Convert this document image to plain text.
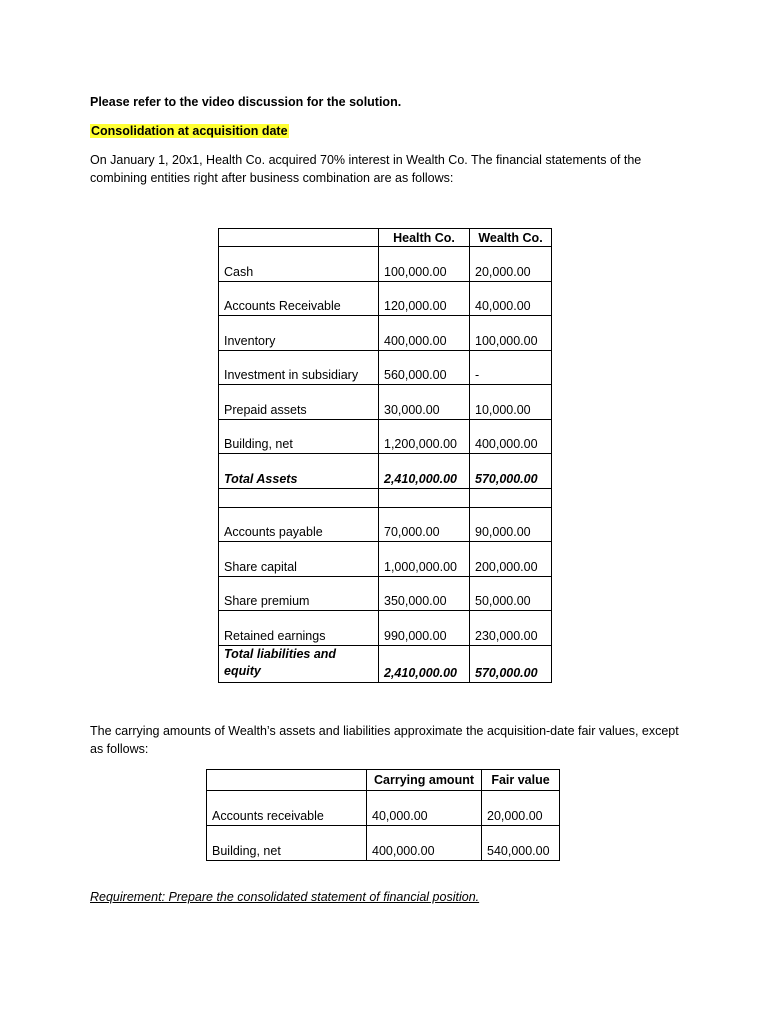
Please refer to the video discussion for the solution.
Consolidation at acquisition date
On January 1, 20x1, Health Co. acquired 70% interest in Wealth Co. The financial statements of the combining entities right after business combination are as follows:
	Health Co.	Wealth Co.
Cash	100,000.00	20,000.00
Accounts Receivable	120,000.00	40,000.00
Inventory	400,000.00	100,000.00
Investment in subsidiary	560,000.00	-
Prepaid assets	30,000.00	10,000.00
Building, net	1,200,000.00	400,000.00
Total Assets	2,410,000.00	570,000.00

Accounts payable	70,000.00	90,000.00
Share capital	1,000,000.00	200,000.00
Share premium	350,000.00	50,000.00
Retained earnings	990,000.00	230,000.00
Total liabilities and equity	2,410,000.00	570,000.00
The carrying amounts of Wealth’s assets and liabilities approximate the acquisition-date fair values, except as follows:
	Carrying amount	Fair value
Accounts receivable	40,000.00	20,000.00
Building, net	400,000.00	540,000.00
Requirement: Prepare the consolidated statement of financial position.
